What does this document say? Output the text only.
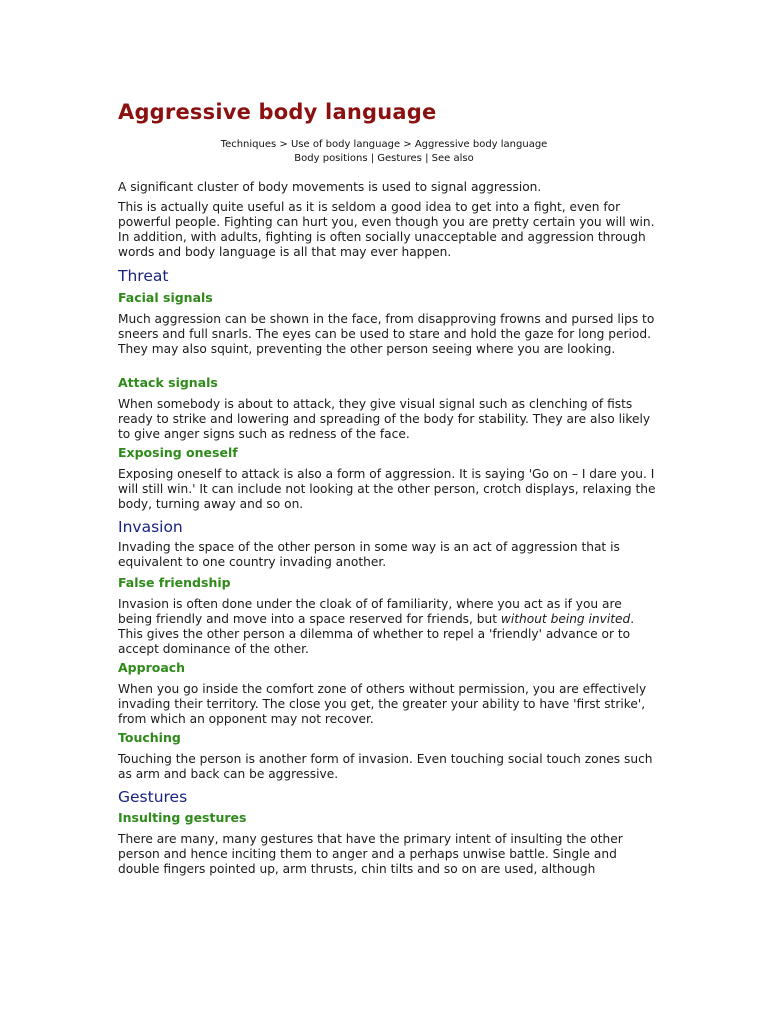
Aggressive body language
Techniques > Use of body language > Aggressive body language
Body positions | Gestures | See also

A significant cluster of body movements is used to signal aggression.

This is actually quite useful as it is seldom a good idea to get into a fight, even for powerful people. Fighting can hurt you, even though you are pretty certain you will win. In addition, with adults, fighting is often socially unacceptable and aggression through words and body language is all that may ever happen.

Threat
Facial signals

Much aggression can be shown in the face, from disapproving frowns and pursed lips to sneers and full snarls. The eyes can be used to stare and hold the gaze for long period. They may also squint, preventing the other person seeing where you are looking.

Attack signals

When somebody is about to attack, they give visual signal such as clenching of fists ready to strike and lowering and spreading of the body for stability. They are also likely to give anger signs such as redness of the face.

Exposing oneself

Exposing oneself to attack is also a form of aggression. It is saying 'Go on – I dare you. I will still win.' It can include not looking at the other person, crotch displays, relaxing the body, turning away and so on.

Invasion

Invading the space of the other person in some way is an act of aggression that is equivalent to one country invading another.

False friendship

Invasion is often done under the cloak of of familiarity, where you act as if you are being friendly and move into a space reserved for friends, but without being invited. This gives the other person a dilemma of whether to repel a 'friendly' advance or to accept dominance of the other.

Approach

When you go inside the comfort zone of others without permission, you are effectively invading their territory. The close you get, the greater your ability to have 'first strike', from which an opponent may not recover.

Touching

Touching the person is another form of invasion. Even touching social touch zones such as arm and back can be aggressive.

Gestures
Insulting gestures

There are many, many gestures that have the primary intent of insulting the other person and hence inciting them to anger and a perhaps unwise battle. Single and double fingers pointed up, arm thrusts, chin tilts and so on are used, although
